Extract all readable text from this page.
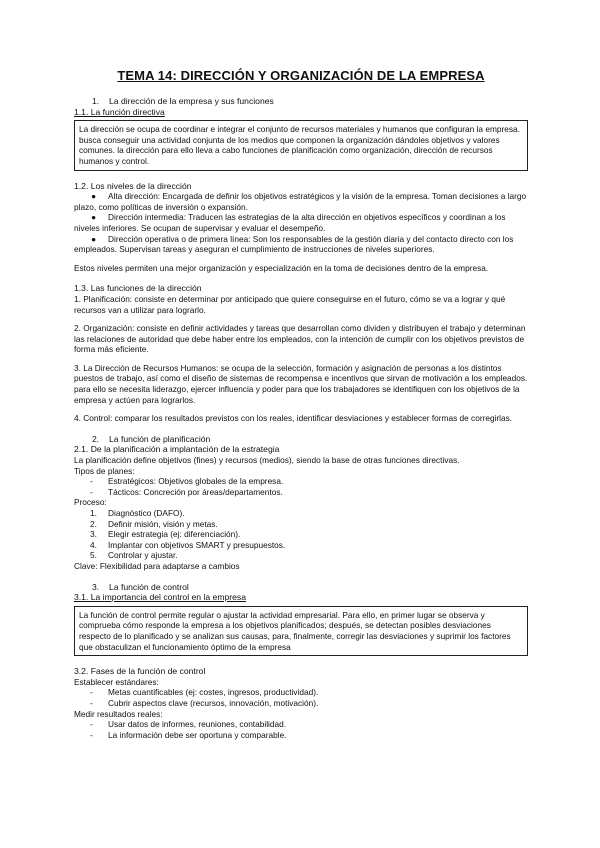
TEMA 14: DIRECCIÓN Y ORGANIZACIÓN DE LA EMPRESA
1. La dirección de la empresa y sus funciones
1.1. La función directiva

La dirección se ocupa de coordinar e integrar el conjunto de recursos materiales y humanos que configuran la empresa. busca conseguir una actividad conjunta de los medios que componen la organización dándoles objetivos y valores comunes. la dirección para ello lleva a cabo funciones de planificación como organización, dirección de recursos humanos y control.

1.2. Los niveles de la dirección
● Alta dirección: Encargada de definir los objetivos estratégicos y la visión de la empresa. Toman decisiones a largo plazo, como políticas de inversión o expansión.
● Dirección intermedia: Traducen las estrategias de la alta dirección en objetivos específicos y coordinan a los niveles inferiores. Se ocupan de supervisar y evaluar el desempeño.
● Dirección operativa o de primera línea: Son los responsables de la gestión diaria y del contacto directo con los empleados. Supervisan tareas y aseguran el cumplimiento de instrucciones de niveles superiores.

Estos niveles permiten una mejor organización y especialización en la toma de decisiones dentro de la empresa.

1.3. Las funciones de la dirección

1. Planificación: consiste en determinar por anticipado que quiere conseguirse en el futuro, cómo se va a lograr y qué recursos van a utilizar para lograrlo.

2. Organización: consiste en definir actividades y tareas que desarrollan como dividen y distribuyen el trabajo y determinan las relaciones de autoridad que debe haber entre los empleados, con la intención de cumplir con los objetivos previstos de forma más eficiente.

3. La Dirección de Recursos Humanos: se ocupa de la selección, formación y asignación de personas a los distintos puestos de trabajo, así como el diseño de sistemas de recompensa e incentivos que sirvan de motivación a los empleados. para ello se necesita liderazgo, ejercer influencia y poder para que los trabajadores se identifiquen con los objetivos de la empresa y actúen para lograrlos.

4. Control: comparar los resultados previstos con los reales, identificar desviaciones y establecer formas de corregirlas.

2. La función de planificación
2.1. De la planificación a implantación de la estrategia

La planificación define objetivos (fines) y recursos (medios), siendo la base de otras funciones directivas.

Tipos de planes:

- Estratégicos: Objetivos globales de la empresa.
- Tácticos: Concreción por áreas/departamentos.

Proceso:

1. Diagnóstico (DAFO).
2. Definir misión, visión y metas.
3. Elegir estrategia (ej: diferenciación).
4. Implantar con objetivos SMART y presupuestos.
5. Controlar y ajustar.

Clave: Flexibilidad para adaptarse a cambios

3. La función de control
3.1. La importancia del control en la empresa

La función de control permite regular o ajustar la actividad empresarial. Para ello, en primer lugar se observa y comprueba cómo responde la empresa a los objetivos planificados; después, se detectan posibles desviaciones respecto de lo planificado y se analizan sus causas, para, finalmente, corregir las desviaciones y suprimir los factores que obstaculizan el funcionamiento óptimo de la empresa

3.2. Fases de la función de control

Establecer estándares:

- Metas cuantificables (ej: costes, ingresos, productividad).
- Cubrir aspectos clave (recursos, innovación, motivación).

Medir resultados reales:

- Usar datos de informes, reuniones, contabilidad.
- La información debe ser oportuna y comparable.
